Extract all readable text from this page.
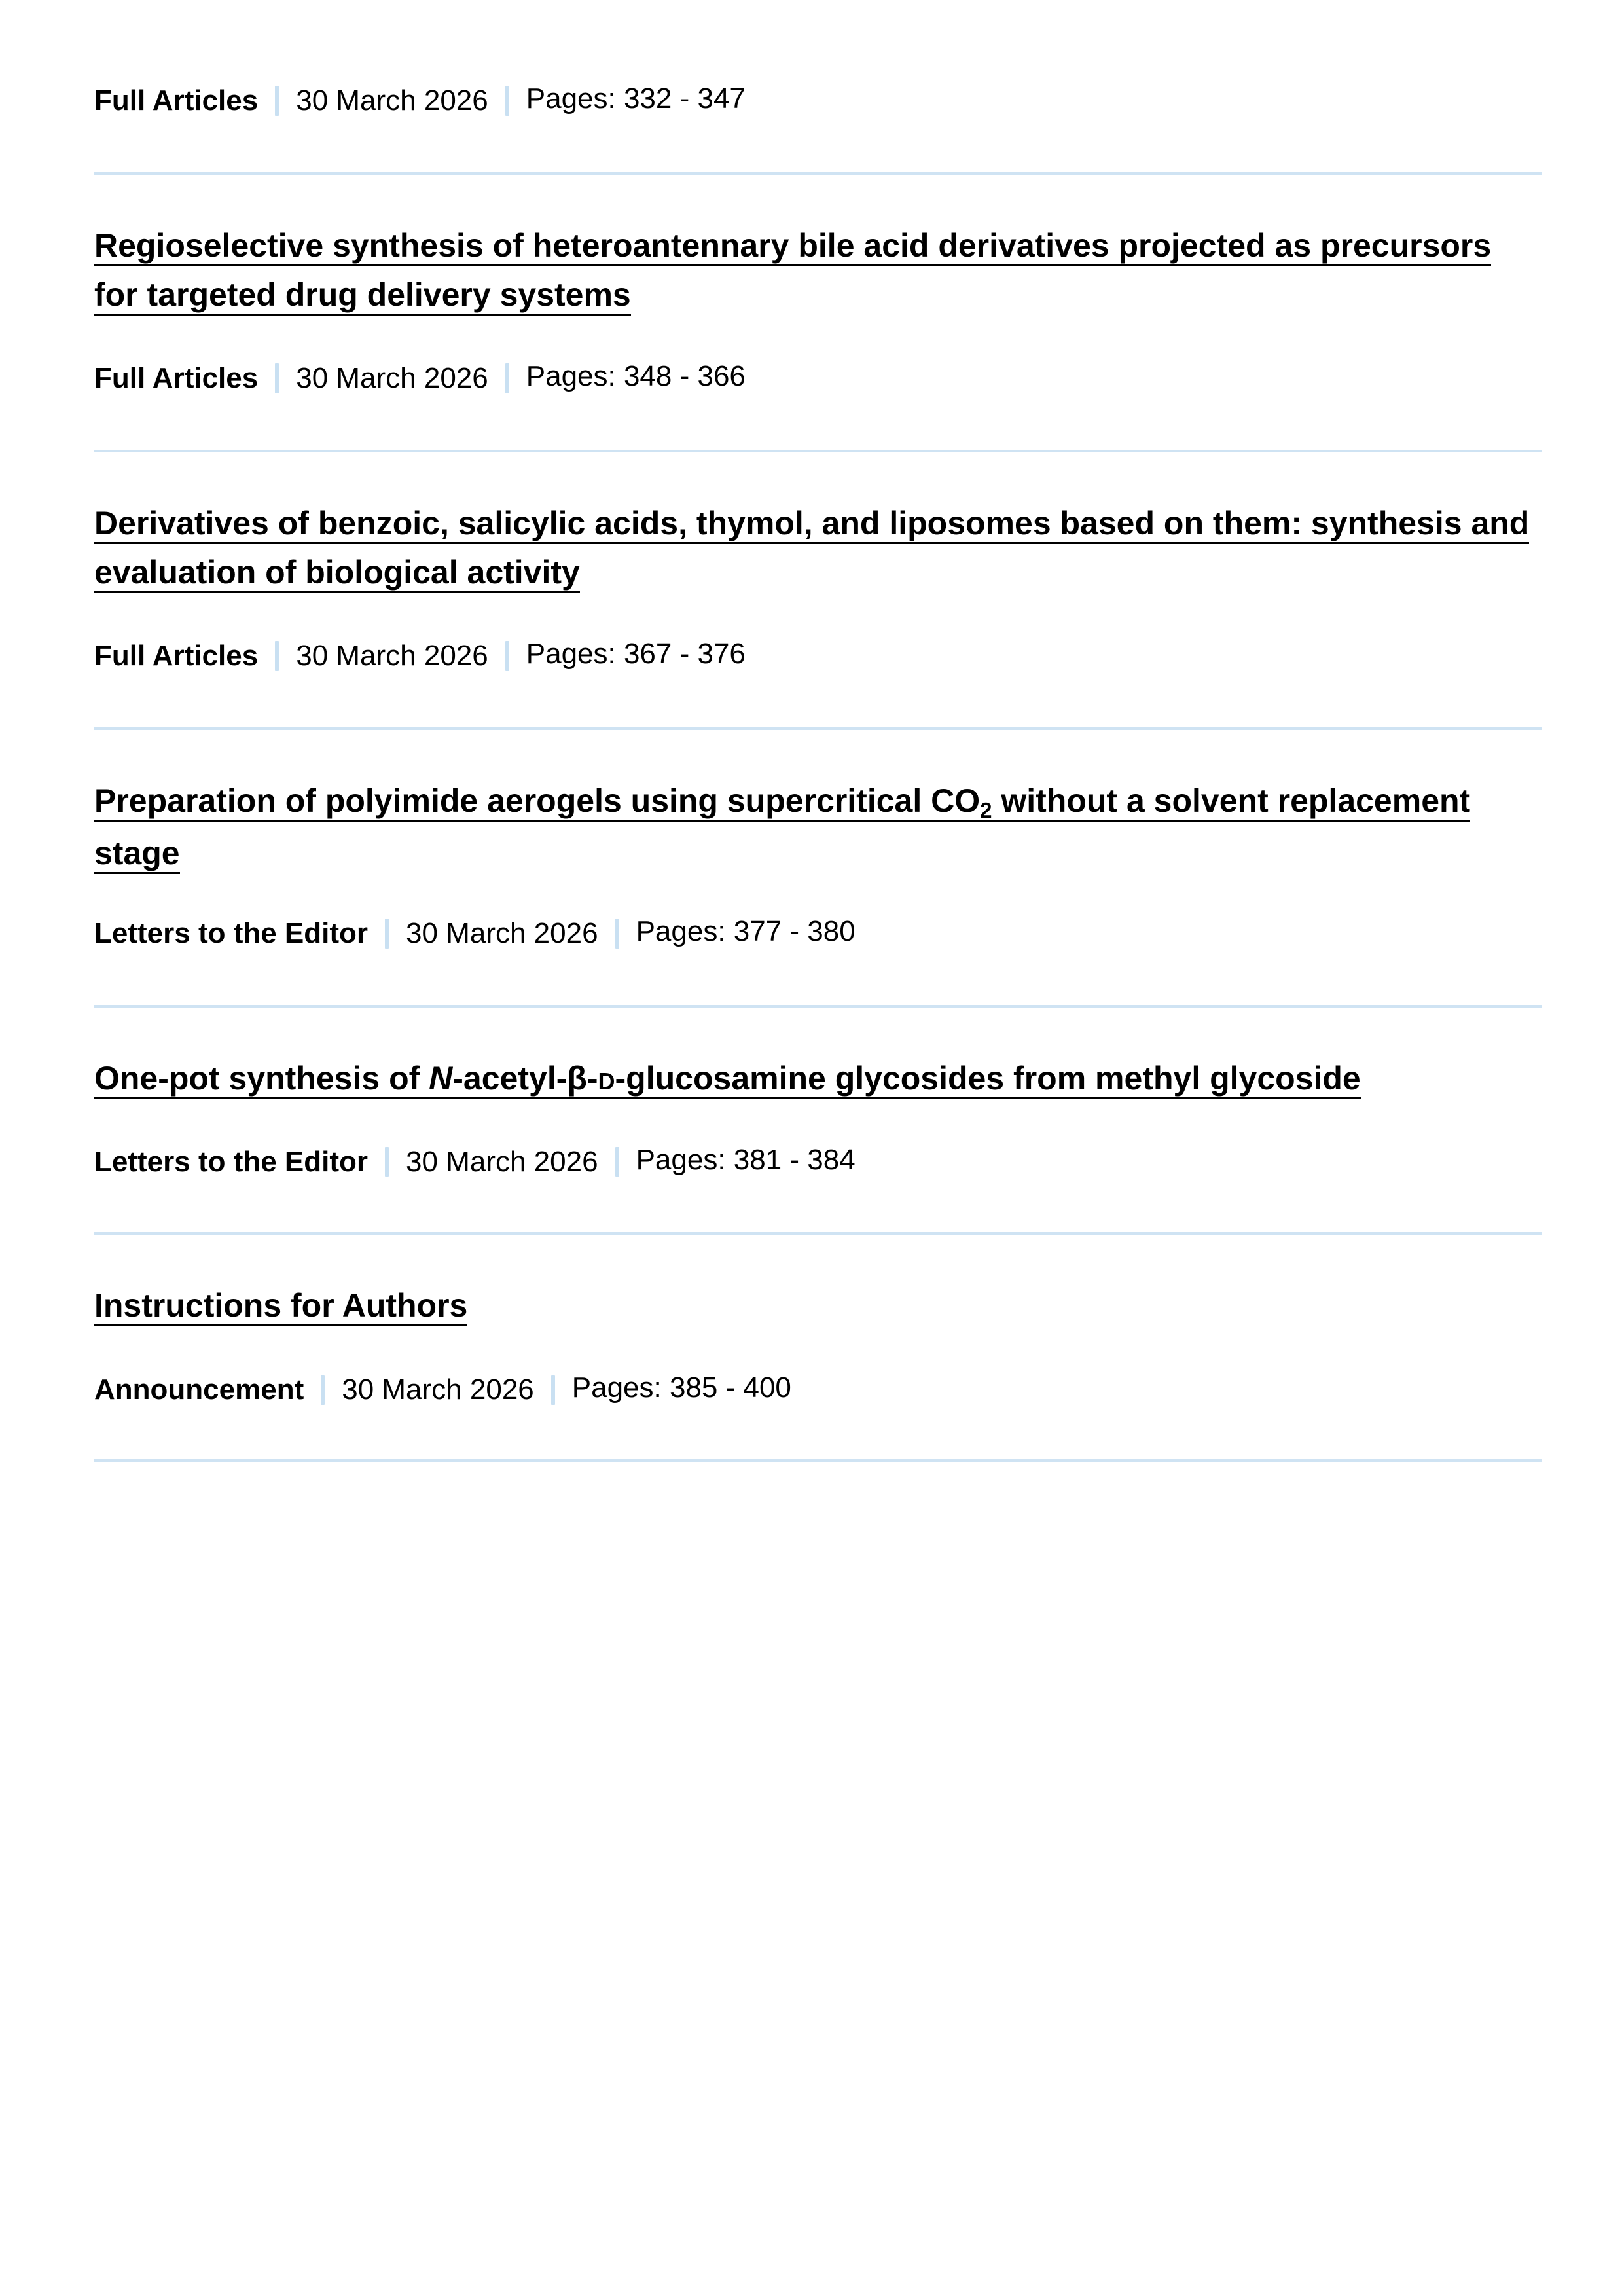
Full Articles 30 March 2026 Pages: 332 - 347
Regioselective synthesis of heteroantennary bile acid derivatives projected as precursors
for targeted drug delivery systems
Full Articles 30 March 2026 Pages: 348 - 366
Derivatives of benzoic, salicylic acids, thymol, and liposomes based on them: synthesis and
evaluation of biological activity
Full Articles 30 March 2026 Pages: 367 - 376
Preparation of polyimide aerogels using supercritical CO2 without a solvent replacement
stage
Letters to the Editor 30 March 2026 Pages: 377 - 380
One-pot synthesis of N-acetyl-β-D-glucosamine glycosides from methyl glycoside
Letters to the Editor 30 March 2026 Pages: 381 - 384
Instructions for Authors
Announcement 30 March 2026 Pages: 385 - 400
